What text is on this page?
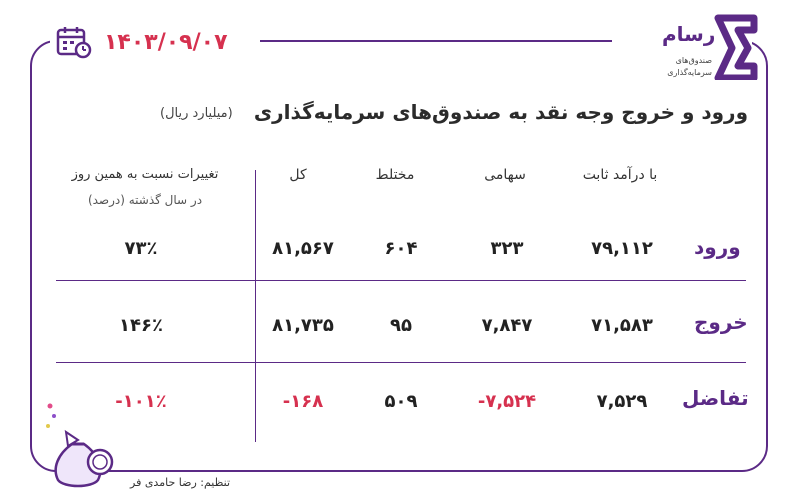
۱۴۰۳/۰۹/۰۷	رسام
صندوق‌های
سرمایه‌گذاری
ورود و خروج وجه نقد به صندوق‌های سرمایه‌گذاری
(میلیارد ریال)
با درآمد ثابت
سهامی
مختلط
کل
تغییرات نسبت به همین روز
در سال گذشته (درصد)
ورود
۷۹,۱۱۲
۳۲۳
۶۰۴
۸۱,۵۶۷
۷۳٪
خروج
۷۱,۵۸۳
۷,۸۴۷
۹۵
۸۱,۷۳۵
۱۴۶٪
تفاضل
۷,۵۲۹
-۷,۵۲۴
۵۰۹
-۱۶۸
-۱۰۱٪
تنظیم: رضا حامدی فر
